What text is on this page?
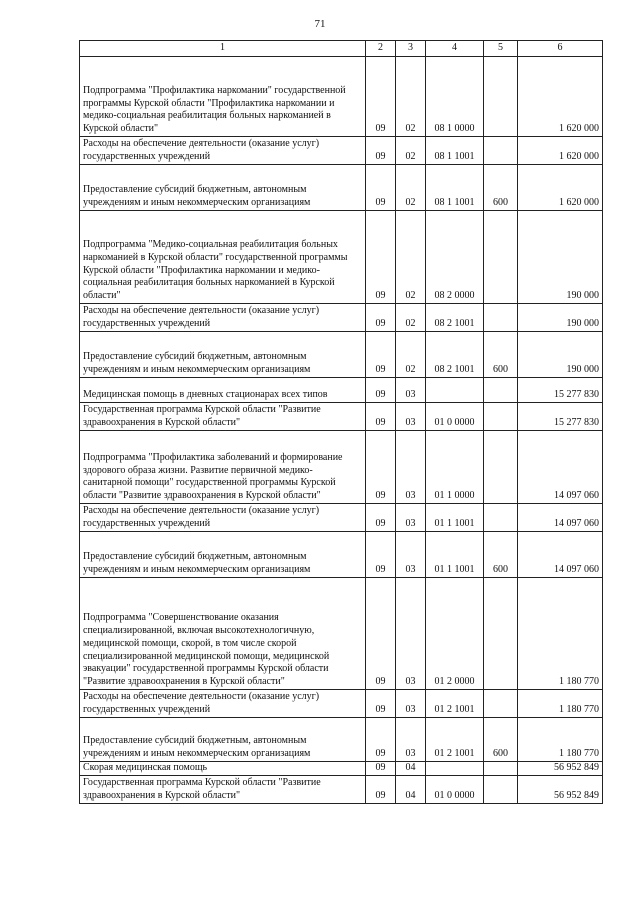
71
1	2	3	4	5	6

Подпрограмма "Профилактика наркомании" государственной программы Курской области "Профилактика наркомании и медико-социальная реабилитация больных наркоманией в Курской области"	09	02	08 1 0000		1 620 000
Расходы на обеспечение деятельности (оказание услуг) государственных учреждений	09	02	08 1 1001		1 620 000

Предоставление субсидий бюджетным, автономным учреждениям и иным некоммерческим организациям	09	02	08 1 1001	600	1 620 000

Подпрограмма "Медико-социальная реабилитация больных наркоманией в Курской области" государственной программы Курской области "Профилактика наркомании и медико-социальная реабилитация больных наркоманией в Курской области"	09	02	08 2 0000		190 000
Расходы на обеспечение деятельности (оказание услуг) государственных учреждений	09	02	08 2 1001		190 000

Предоставление субсидий бюджетным, автономным учреждениям и иным некоммерческим организациям	09	02	08 2 1001	600	190 000
Медицинская помощь в дневных стационарах всех типов	09	03			15 277 830
Государственная программа Курской области "Развитие здравоохранения в Курской области"	09	03	01 0 0000		15 277 830
Подпрограмма "Профилактика заболеваний и формирование здорового образа жизни. Развитие первичной медико-санитарной помощи" государственной программы Курской области "Развитие здравоохранения в Курской области"	09	03	01 1 0000		14 097 060
Расходы на обеспечение деятельности (оказание услуг) государственных учреждений	09	03	01 1 1001		14 097 060

Предоставление субсидий бюджетным, автономным учреждениям и иным некоммерческим организациям	09	03	01 1 1001	600	14 097 060

Подпрограмма "Совершенствование оказания специализированной, включая высокотехнологичную, медицинской помощи, скорой, в том числе скорой специализированной медицинской помощи, медицинской эвакуации" государственной программы Курской области "Развитие здравоохранения в Курской области"	09	03	01 2 0000		1 180 770
Расходы на обеспечение деятельности (оказание услуг) государственных учреждений	09	03	01 2 1001		1 180 770

Предоставление субсидий бюджетным, автономным учреждениям и иным некоммерческим организациям	09	03	01 2 1001	600	1 180 770
Скорая медицинская помощь	09	04			56 952 849
Государственная программа Курской области "Развитие здравоохранения в Курской области"	09	04	01 0 0000		56 952 849
